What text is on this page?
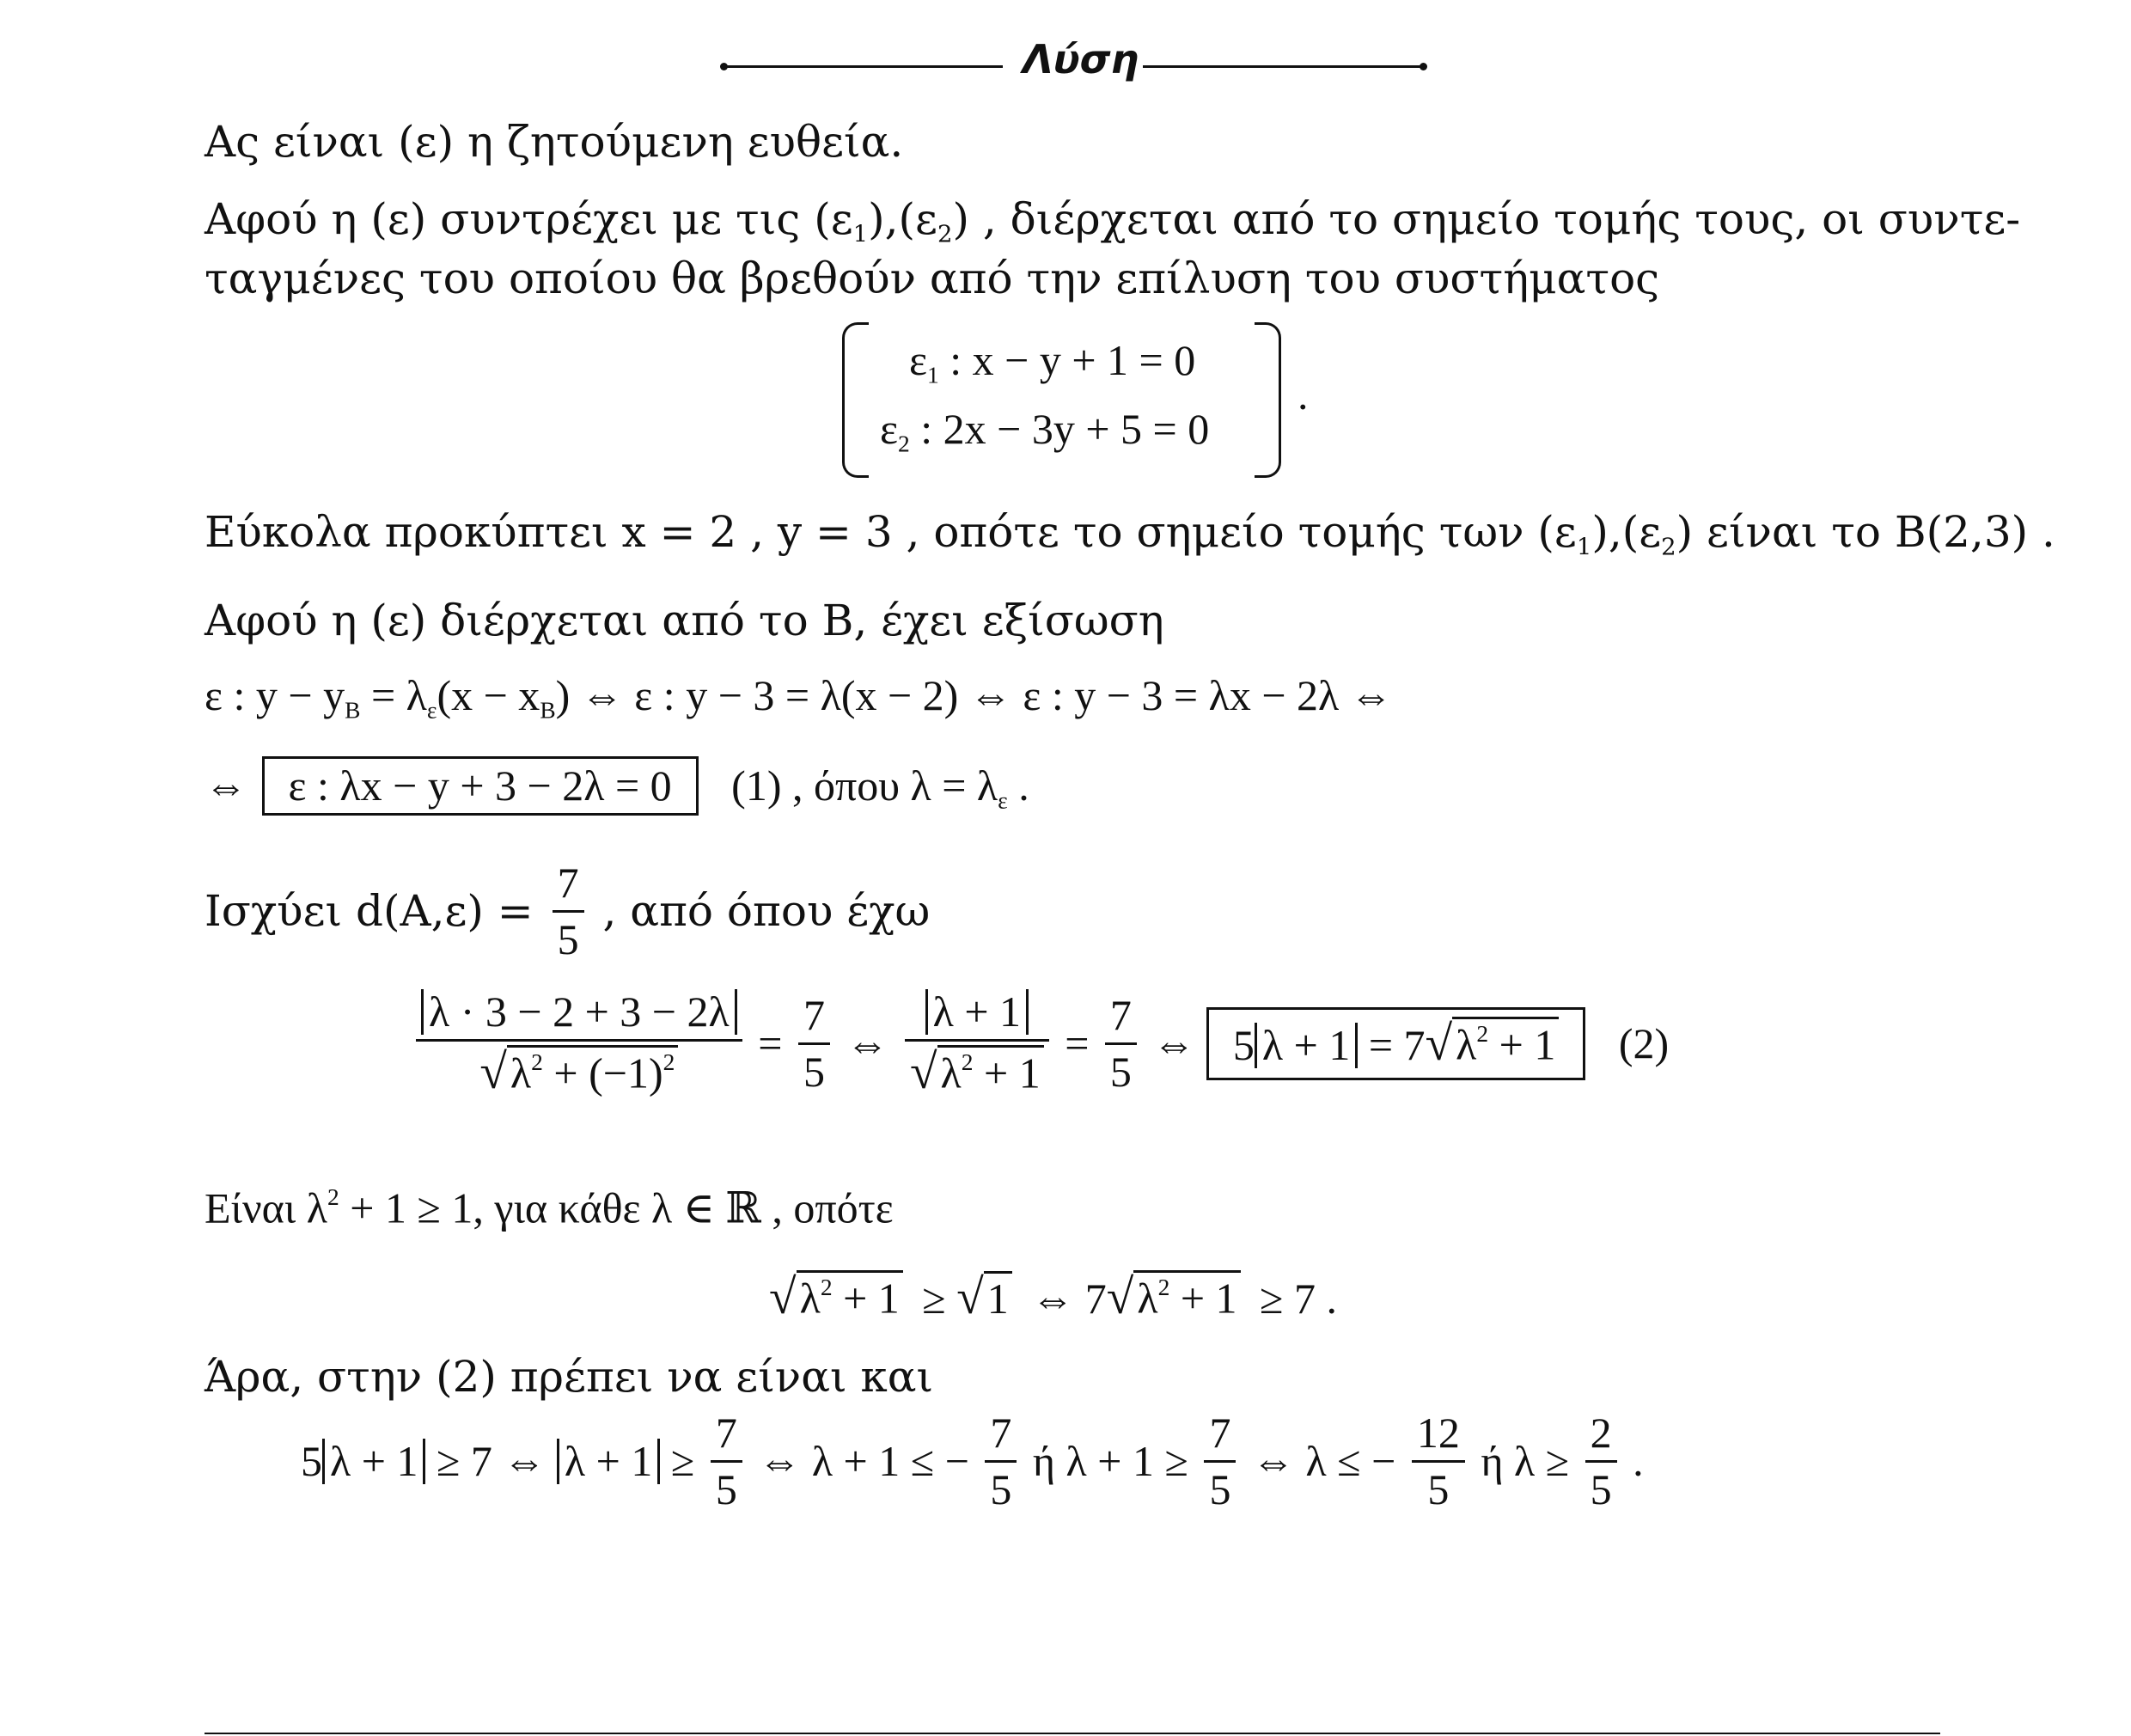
Λύση
Ας είναι (ε) η ζητούμενη ευθεία.
Αφού η (ε) συντρέχει με τις $(\varepsilon_1),(\varepsilon_2)$ , διέρχεται από το σημείο τομής τους, οι συντε-
ταγμένες του οποίου θα βρεθούν από την επίλυση του συστήματος
$\varepsilon_1$ : x − y + 1 = 0
$\varepsilon_2$ : 2x − 3y + 5 = 0
.
Εύκολα προκύπτει x = 2 , y = 3 , οπότε το σημείο τομής των $(\varepsilon_1),(\varepsilon_2)$ είναι το B(2,3) .
Αφού η (ε) διέρχεται από το B, έχει εξίσωση
ε : $y - y_B = \lambda_\varepsilon(x - x_B)$ ⇔ ε : y − 3 = λ(x − 2) ⇔ ε : y − 3 = λx − 2λ ⇔
⇔ ε : λx − y + 3 − 2λ = 0 (1) , όπου $\lambda = \lambda_\varepsilon$ .
Ισχύει $d(A,\varepsilon) = \frac{7}{5}$ , από όπου έχω
$\frac{\lambda \cdot 3 - 2 + 3 - 2\lambda}{√\lambda^2 + (-1)^2} = \frac{7}{5}$ ⇔ $\frac{\lambda + 1}{√\lambda^2 + 1} = \frac{7}{5}$ ⇔ 5 $\lambda + 1 = 7√\lambda^2 + 1$ (2)
Είναι $\lambda^2 + 1 \ge 1$, για κάθε λ ∈ ℝ , οπότε
$√\lambda^2 + 1 \ge √1$ ⇔ $7√\lambda^2 + 1 \ge 7$ .
Άρα, στην (2) πρέπει να είναι και
5 λ + 1 ≥ 7 ⇔ $\lambda + 1 \ge \frac{7}{5}$ ⇔ λ + 1 ≤ − $\frac{7}{5}$ ή $\lambda + 1 \ge \frac{7}{5}$ ⇔ λ ≤ − $\frac{12}{5}$ ή $\lambda \ge \frac{2}{5}$ .
